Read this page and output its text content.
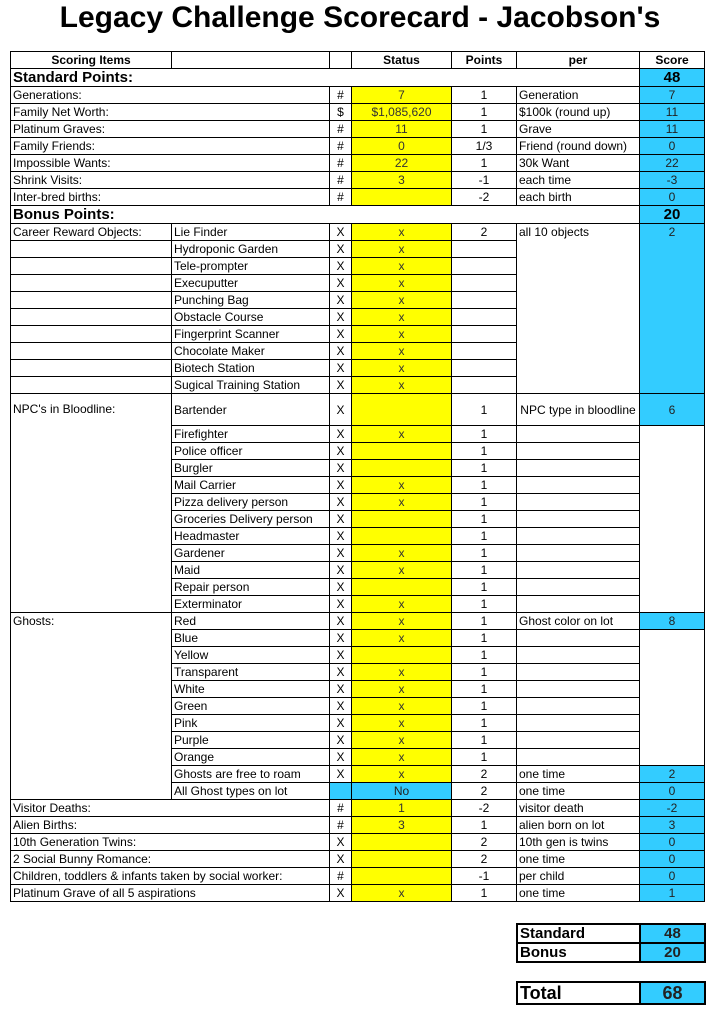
Legacy Challenge Scorecard - Jacobson's
Scoring Items			Status	Points	per	Score
Standard Points:						48
Generations:		#	7	1	Generation	7
Family Net Worth:		$	$1,085,620	1	$100k (round up)	11
Platinum Graves:		#	11	1	Grave	11
Family Friends:		#	0	1/3	Friend (round down)	0
Impossible Wants:		#	22	1	30k Want	22
Shrink Visits:		#	3	-1	each time	-3
Inter-bred births:		#		-2	each birth	0
Bonus Points:						20
Career Reward Objects:	Lie Finder	X	x	2	all 10 objects	2
	Hydroponic Garden	X	x			
	Tele-prompter	X	x			
	Execuputter	X	x			
	Punching Bag	X	x			
	Obstacle Course	X	x			
	Fingerprint Scanner	X	x			
	Chocolate Maker	X	x			
	Biotech Station	X	x			
	Sugical Training Station	X	x			
NPC's in Bloodline:	Bartender	X		1	NPC type in bloodline	6
	Firefighter	X	x	1		
	Police officer	X		1		
	Burgler	X		1		
	Mail Carrier	X	x	1		
	Pizza delivery person	X	x	1		
	Groceries Delivery person	X		1		
	Headmaster	X		1		
	Gardener	X	x	1		
	Maid	X	x	1		
	Repair person	X		1		
	Exterminator	X	x	1		
Ghosts:	Red	X	x	1	Ghost color on lot	8
	Blue	X	x	1		
	Yellow	X		1		
	Transparent	X	x	1		
	White	X	x	1		
	Green	X	x	1		
	Pink	X	x	1		
	Purple	X	x	1		
	Orange	X	x	1		
	Ghosts are free to roam	X	x	2	one time	2
	All Ghost types on lot		No	2	one time	0
Visitor Deaths:		#	1	-2	visitor death	-2
Alien Births:		#	3	1	alien born on lot	3
10th Generation Twins:		X		2	10th gen is twins	0
2 Social Bunny Romance:		X		2	one time	0
Children, toddlers & infants taken by social worker:		#		-1	per child	0
Platinum Grave of all 5 aspirations		X	x	1	one time	1
Standard	48
Bonus	20
Total	68
